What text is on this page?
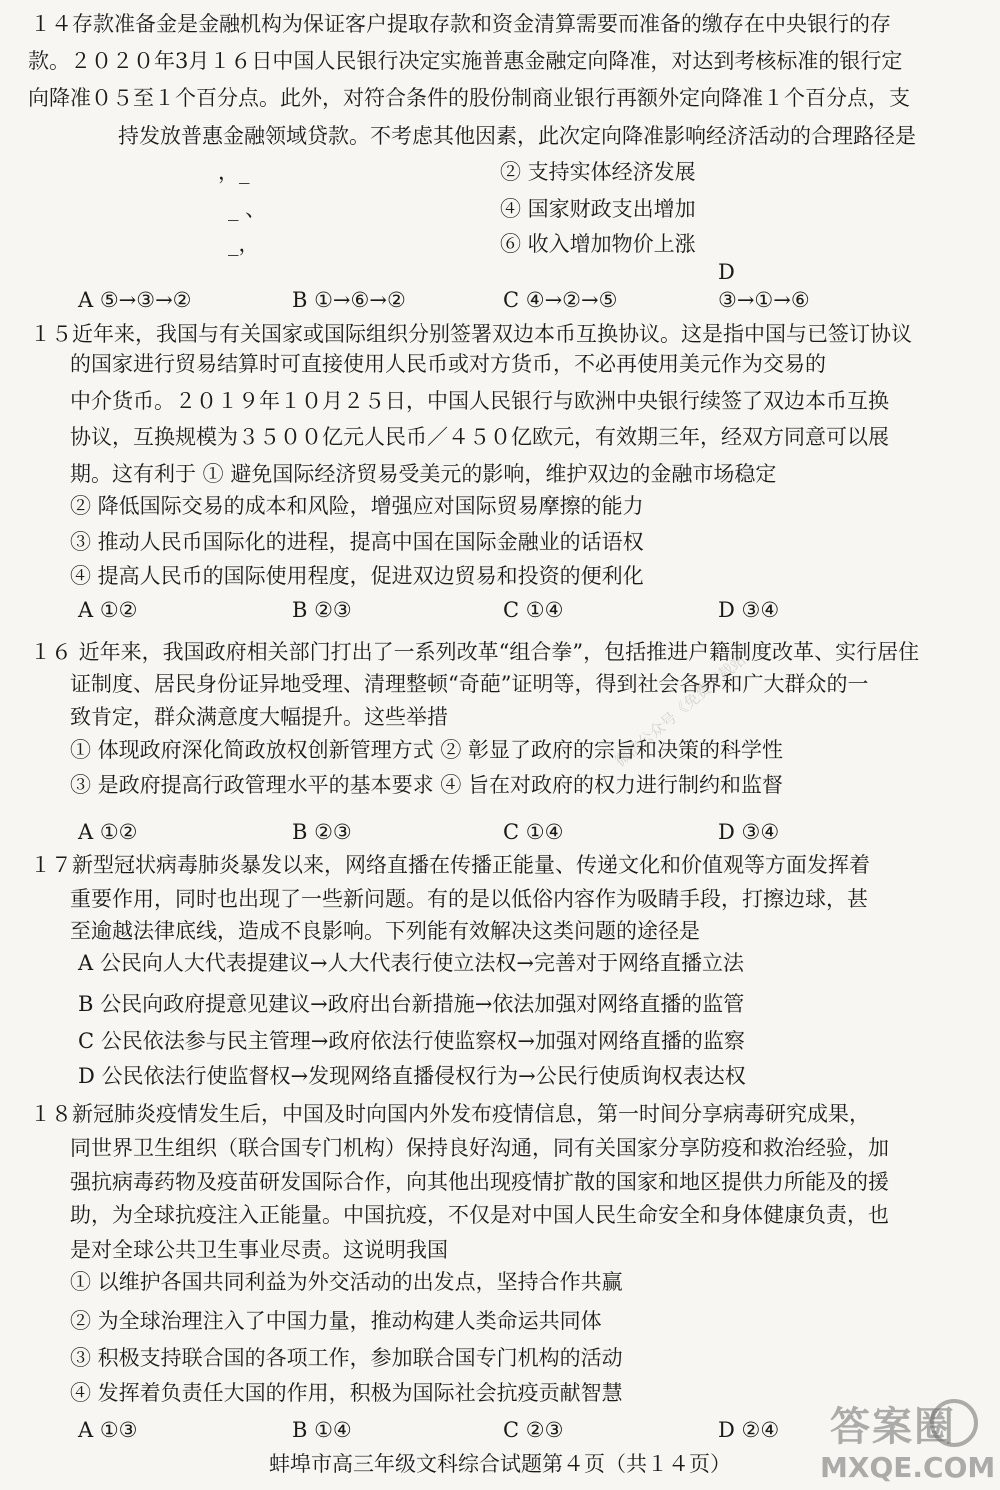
１４存款准备金是金融机构为保证客户提取存款和资金清算需要而准备的缴存在中央银行的存
款。２０２０年3月１６日中国人民银行决定实施普惠金融定向降准，对达到考核标准的银行定
向降准０５至１个百分点。此外，对符合条件的股份制商业银行再额外定向降准１个百分点，支
持发放普惠金融领域贷款。不考虑其他因素，此次定向降准影响经济活动的合理路径是
，_
_ 、
_，
② 支持实体经济发展
④ 国家财政支出增加
⑥ 收入增加物价上涨
D
A ⑤→③→②	B ①→⑥→②	C ④→②→⑤	③→①→⑥
１５近年来，我国与有关国家或国际组织分别签署双边本币互换协议。这是指中国与已签订协议
的国家进行贸易结算时可直接使用人民币或对方货币，不必再使用美元作为交易的
中介货币。２０１９年１０月２５日，中国人民银行与欧洲中央银行续签了双边本币互换
协议，互换规模为３５００亿元人民币／４５０亿欧元，有效期三年，经双方同意可以展
期。这有利于 ① 避免国际经济贸易受美元的影响，维护双边的金融市场稳定
② 降低国际交易的成本和风险，增强应对国际贸易摩擦的能力
③ 推动人民币国际化的进程，提高中国在国际金融业的话语权
④ 提高人民币的国际使用程度，促进双边贸易和投资的便利化
A ①②	B ②③	C ①④	D ③④
１６ 近年来，我国政府相关部门打出了一系列改革“组合拳”，包括推进户籍制度改革、实行居住
证制度、居民身份证异地受理、清理整顿“奇葩”证明等，得到社会各界和广大群众的一
致肯定，群众满意度大幅提升。这些举措
① 体现政府深化简政放权创新管理方式 ② 彰显了政府的宗旨和决策的科学性
③ 是政府提高行政管理水平的基本要求 ④ 旨在对政府的权力进行制约和监督
A ①②	B ②③	C ①④	D ③④
１７新型冠状病毒肺炎暴发以来，网络直播在传播正能量、传递文化和价值观等方面发挥着
重要作用，同时也出现了一些新问题。有的是以低俗内容作为吸睛手段，打擦边球，甚
至逾越法律底线，造成不良影响。下列能有效解决这类问题的途径是
A 公民向人大代表提建议→人大代表行使立法权→完善对于网络直播立法
B 公民向政府提意见建议→政府出台新措施→依法加强对网络直播的监管
C 公民依法参与民主管理→政府依法行使监察权→加强对网络直播的监察
D 公民依法行使监督权→发现网络直播侵权行为→公民行使质询权表达权
１８新冠肺炎疫情发生后，中国及时向国内外发布疫情信息，第一时间分享病毒研究成果，
同世界卫生组织（联合国专门机构）保持良好沟通，同有关国家分享防疫和救治经验，加
强抗病毒药物及疫苗研发国际合作，向其他出现疫情扩散的国家和地区提供力所能及的援
助，为全球抗疫注入正能量。中国抗疫，不仅是对中国人民生命安全和身体健康负责，也
是对全球公共卫生事业尽责。这说明我国
① 以维护各国共同利益为外交活动的出发点，坚持合作共赢
② 为全球治理注入了中国力量，推动构建人类命运共同体
③ 积极支持联合国的各项工作，参加联合国专门机构的活动
④ 发挥着负责任大国的作用，积极为国际社会抗疫贡献智慧
A ①③	B ①④	C ②③	D ②④
蚌埠市高三年级文科综合试题第４页（共１４页）
微信公众号《免费下载站》
答案圈
MXQE.COM
